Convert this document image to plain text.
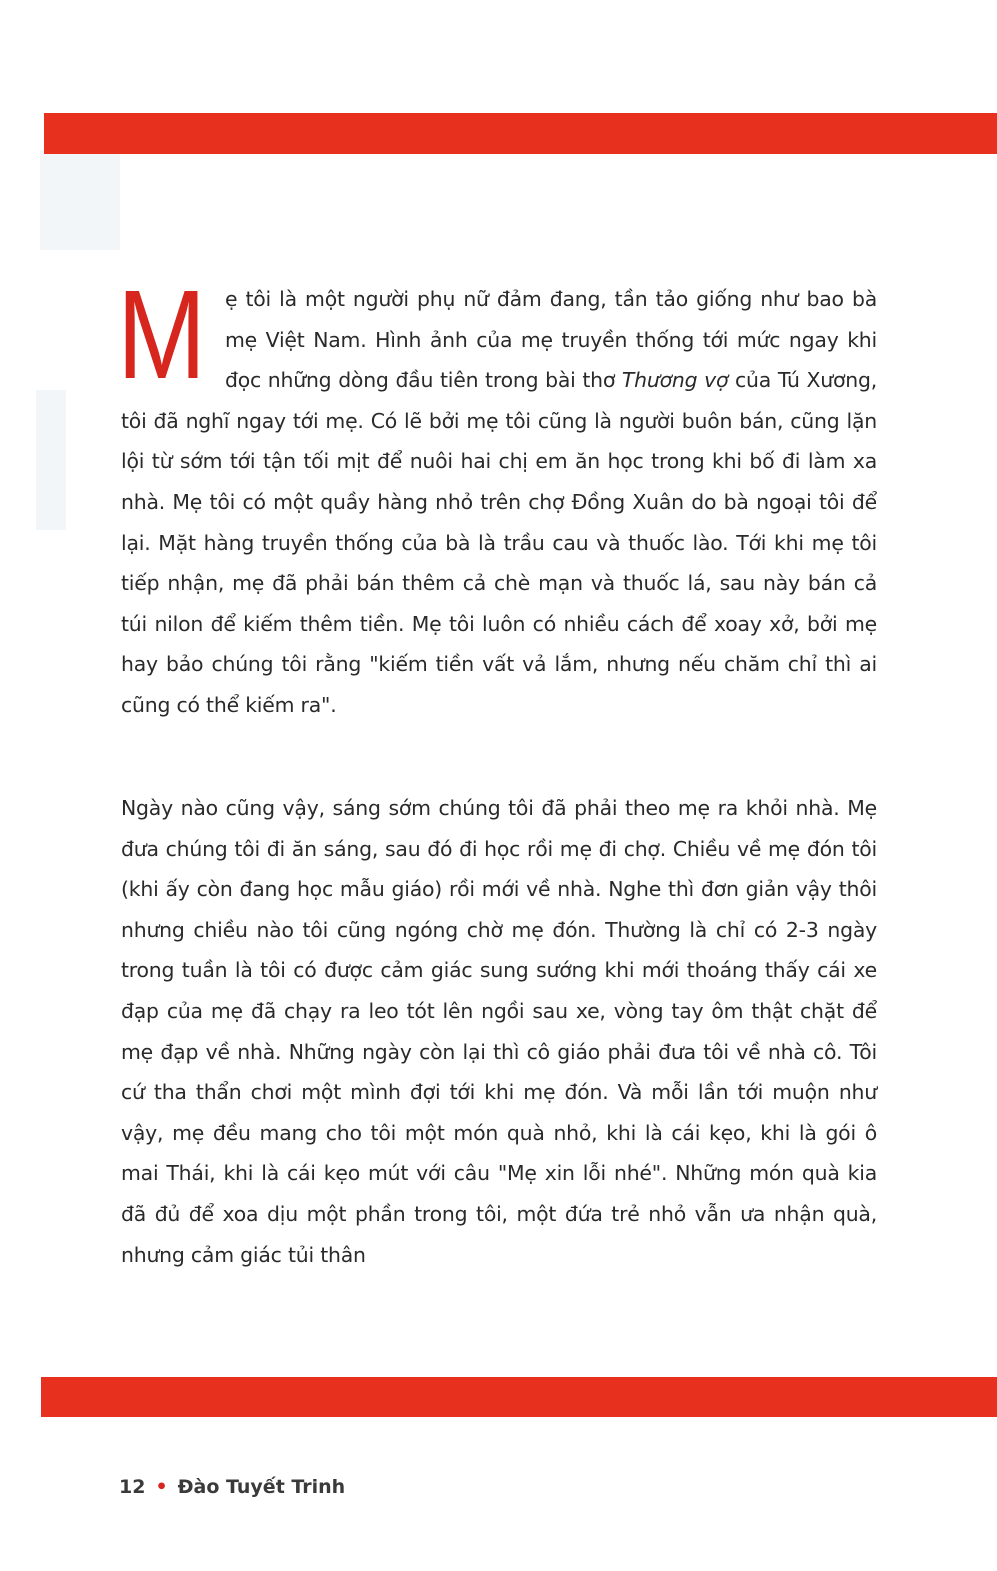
M ẹ tôi là một người phụ nữ đảm đang, tần tảo giống như bao bà mẹ Việt Nam. Hình ảnh của mẹ truyền thống tới mức ngay khi đọc những dòng đầu tiên trong bài thơ Thương vợ của Tú Xương, tôi đã nghĩ ngay tới mẹ. Có lẽ bởi mẹ tôi cũng là người buôn bán, cũng lặn lội từ sớm tới tận tối mịt để nuôi hai chị em ăn học trong khi bố đi làm xa nhà. Mẹ tôi có một quầy hàng nhỏ trên chợ Đồng Xuân do bà ngoại tôi để lại. Mặt hàng truyền thống của bà là trầu cau và thuốc lào. Tới khi mẹ tôi tiếp nhận, mẹ đã phải bán thêm cả chè mạn và thuốc lá, sau này bán cả túi nilon để kiếm thêm tiền. Mẹ tôi luôn có nhiều cách để xoay xở, bởi mẹ hay bảo chúng tôi rằng "kiếm tiền vất vả lắm, nhưng nếu chăm chỉ thì ai cũng có thể kiếm ra".

Ngày nào cũng vậy, sáng sớm chúng tôi đã phải theo mẹ ra khỏi nhà. Mẹ đưa chúng tôi đi ăn sáng, sau đó đi học rồi mẹ đi chợ. Chiều về mẹ đón tôi (khi ấy còn đang học mẫu giáo) rồi mới về nhà. Nghe thì đơn giản vậy thôi nhưng chiều nào tôi cũng ngóng chờ mẹ đón. Thường là chỉ có 2-3 ngày trong tuần là tôi có được cảm giác sung sướng khi mới thoáng thấy cái xe đạp của mẹ đã chạy ra leo tót lên ngồi sau xe, vòng tay ôm thật chặt để mẹ đạp về nhà. Những ngày còn lại thì cô giáo phải đưa tôi về nhà cô. Tôi cứ tha thẩn chơi một mình đợi tới khi mẹ đón. Và mỗi lần tới muộn như vậy, mẹ đều mang cho tôi một món quà nhỏ, khi là cái kẹo, khi là gói ô mai Thái, khi là cái kẹo mút với câu "Mẹ xin lỗi nhé". Những món quà kia đã đủ để xoa dịu một phần trong tôi, một đứa trẻ nhỏ vẫn ưa nhận quà, nhưng cảm giác tủi thân

12 • Đào Tuyết Trinh
